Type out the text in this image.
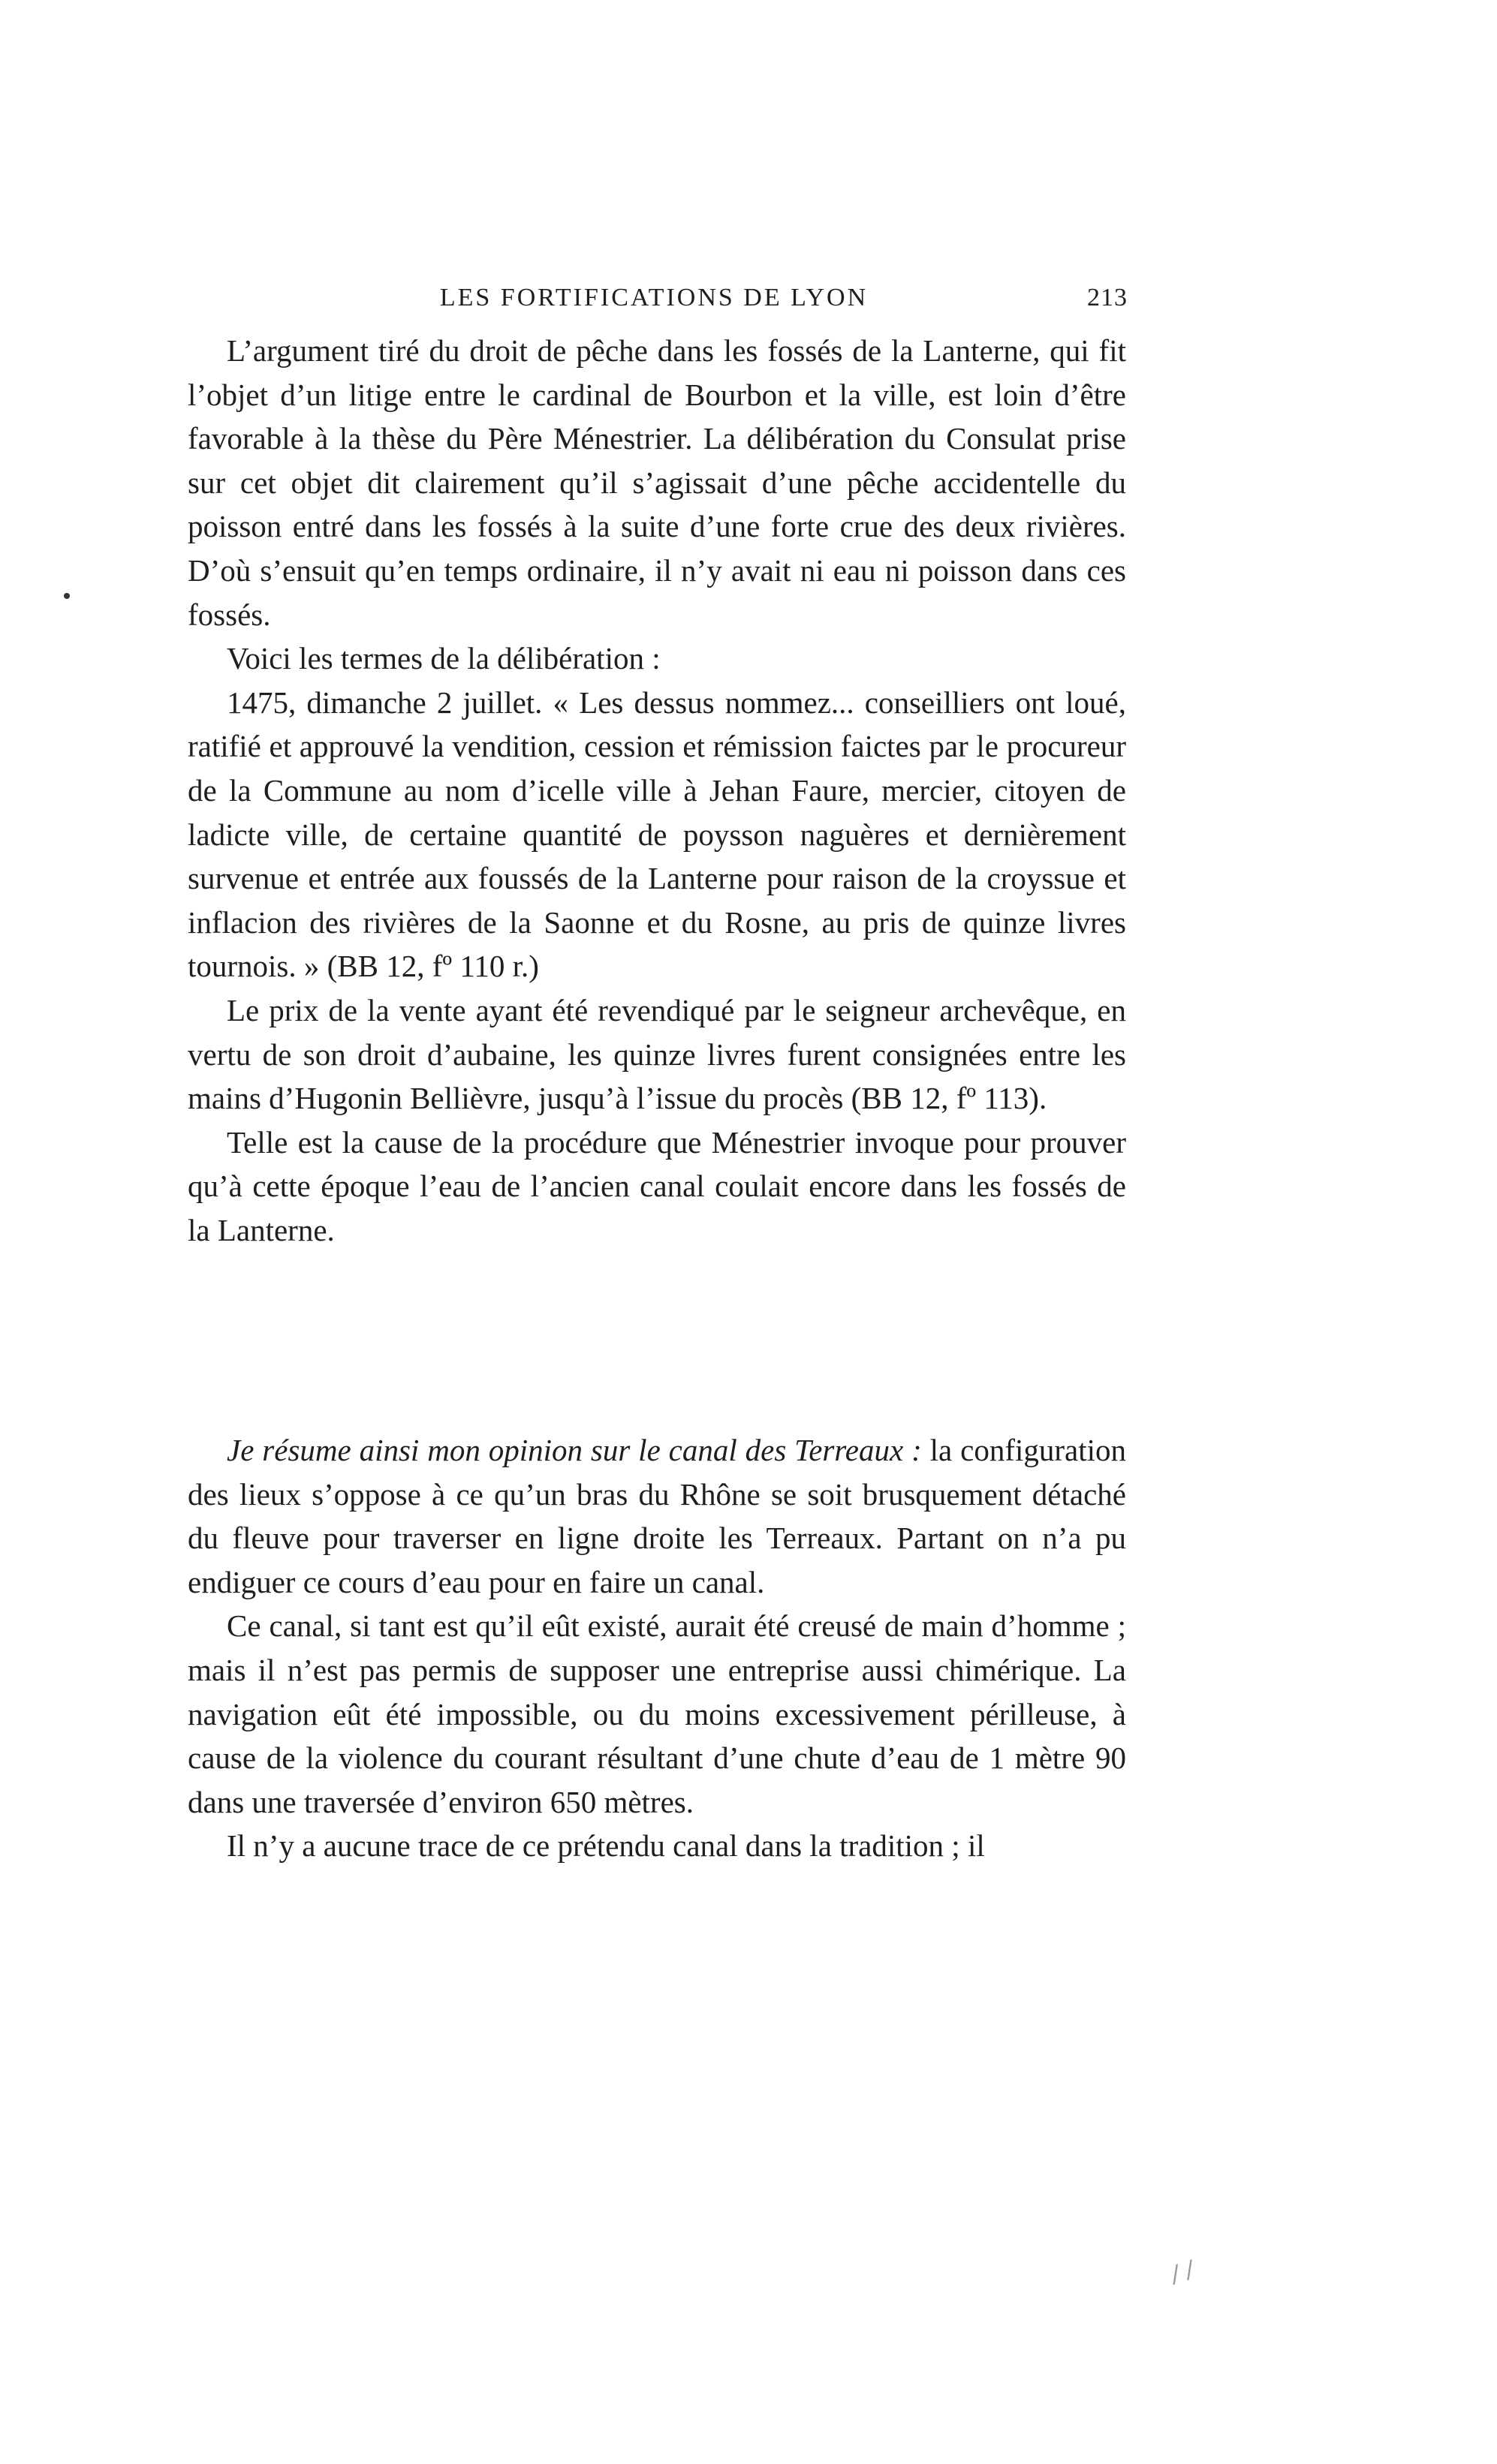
LES FORTIFICATIONS DE LYON	213

L’argument tiré du droit de pêche dans les fossés de la Lanterne, qui fit l’objet d’un litige entre le cardinal de Bourbon et la ville, est loin d’être favorable à la thèse du Père Ménestrier. La délibération du Consulat prise sur cet objet dit clairement qu’il s’agissait d’une pêche accidentelle du poisson entré dans les fossés à la suite d’une forte crue des deux rivières. D’où s’ensuit qu’en temps ordinaire, il n’y avait ni eau ni poisson dans ces fossés.

Voici les termes de la délibération :

1475, dimanche 2 juillet. « Les dessus nommez... conseilliers ont loué, ratifié et approuvé la vendition, cession et rémission faictes par le procureur de la Commune au nom d’icelle ville à Jehan Faure, mercier, citoyen de ladicte ville, de certaine quantité de poysson naguères et dernièrement survenue et entrée aux foussés de la Lanterne pour raison de la croyssue et inflacion des rivières de la Saonne et du Rosne, au pris de quinze livres tournois. » (BB 12, fº 110 r.)

Le prix de la vente ayant été revendiqué par le seigneur archevêque, en vertu de son droit d’aubaine, les quinze livres furent consignées entre les mains d’Hugonin Bellièvre, jusqu’à l’issue du procès (BB 12, fº 113).

Telle est la cause de la procédure que Ménestrier invoque pour prouver qu’à cette époque l’eau de l’ancien canal coulait encore dans les fossés de la Lanterne.

Je résume ainsi mon opinion sur le canal des Terreaux : la configuration des lieux s’oppose à ce qu’un bras du Rhône se soit brusquement détaché du fleuve pour traverser en ligne droite les Terreaux. Partant on n’a pu endiguer ce cours d’eau pour en faire un canal.

Ce canal, si tant est qu’il eût existé, aurait été creusé de main d’homme ; mais il n’est pas permis de supposer une entreprise aussi chimérique. La navigation eût été impossible, ou du moins excessivement périlleuse, à cause de la violence du courant résultant d’une chute d’eau de 1 mètre 90 dans une traversée d’environ 650 mètres.

Il n’y a aucune trace de ce prétendu canal dans la tradition ; il

/ /
